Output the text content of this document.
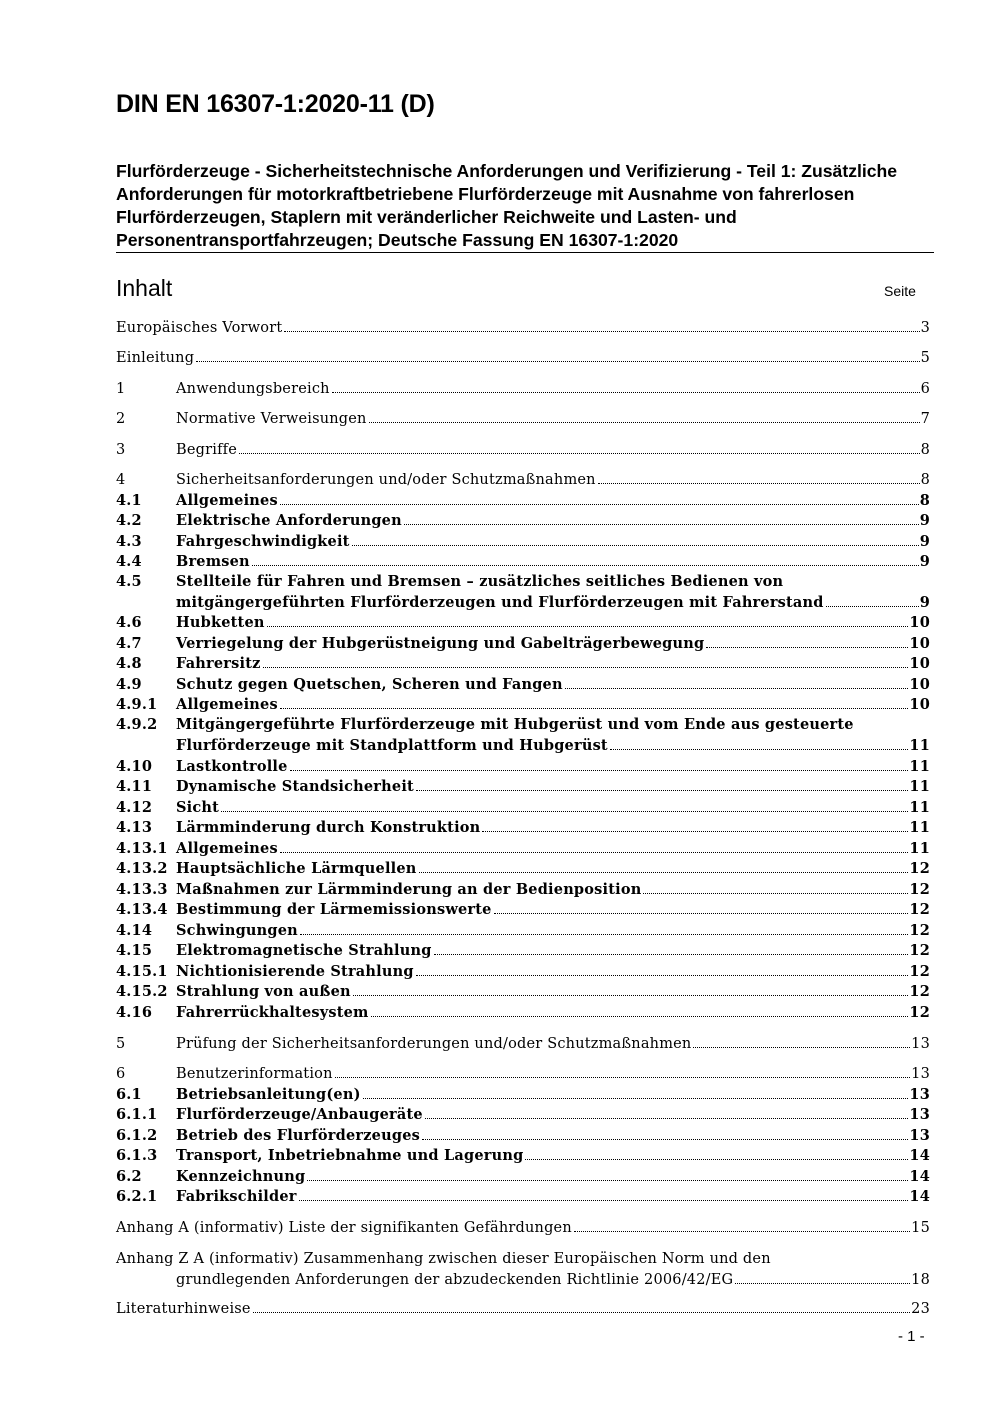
DIN EN 16307-1:2020-11 (D)
Flurförderzeuge - Sicherheitstechnische Anforderungen und Verifizierung - Teil 1: Zusätzliche Anforderungen für motorkraftbetriebene Flurförderzeuge mit Ausnahme von fahrerlosen Flurförderzeugen, Staplern mit veränderlicher Reichweite und Lasten- und Personentransportfahrzeugen; Deutsche Fassung EN 16307-1:2020
Inhalt	Seite
Europäisches Vorwort	3
Einleitung	5
1	Anwendungsbereich	6
2	Normative Verweisungen	7
3	Begriffe	8
4	Sicherheitsanforderungen und/oder Schutzmaßnahmen	8
4.1	Allgemeines	8
4.2	Elektrische Anforderungen	9
4.3	Fahrgeschwindigkeit	9
4.4	Bremsen	9
4.5	Stellteile für Fahren und Bremsen – zusätzliches seitliches Bedienen von
mitgängergeführten Flurförderzeugen und Flurförderzeugen mit Fahrerstand	9
4.6	Hubketten	10
4.7	Verriegelung der Hubgerüstneigung und Gabelträgerbewegung	10
4.8	Fahrersitz	10
4.9	Schutz gegen Quetschen, Scheren und Fangen	10
4.9.1	Allgemeines	10
4.9.2	Mitgängergeführte Flurförderzeuge mit Hubgerüst und vom Ende aus gesteuerte
Flurförderzeuge mit Standplattform und Hubgerüst	11
4.10	Lastkontrolle	11
4.11	Dynamische Standsicherheit	11
4.12	Sicht	11
4.13	Lärmminderung durch Konstruktion	11
4.13.1 Allgemeines	11
4.13.2 Hauptsächliche Lärmquellen	12
4.13.3 Maßnahmen zur Lärmminderung an der Bedienposition	12
4.13.4 Bestimmung der Lärmemissionswerte	12
4.14	Schwingungen	12
4.15	Elektromagnetische Strahlung	12
4.15.1 Nichtionisierende Strahlung	12
4.15.2 Strahlung von außen	12
4.16	Fahrerrückhaltesystem	12
5	Prüfung der Sicherheitsanforderungen und/oder Schutzmaßnahmen	13
6	Benutzerinformation	13
6.1	Betriebsanleitung(en)	13
6.1.1	Flurförderzeuge/Anbaugeräte	13
6.1.2	Betrieb des Flurförderzeuges	13
6.1.3	Transport, Inbetriebnahme und Lagerung	14
6.2	Kennzeichnung	14
6.2.1	Fabrikschilder	14
Anhang A (informativ) Liste der signifikanten Gefährdungen	15
Anhang Z A (informativ) Zusammenhang zwischen dieser Europäischen Norm und den
grundlegenden Anforderungen der abzudeckenden Richtlinie 2006/42/EG	18
Literaturhinweise	23
- 1 -
